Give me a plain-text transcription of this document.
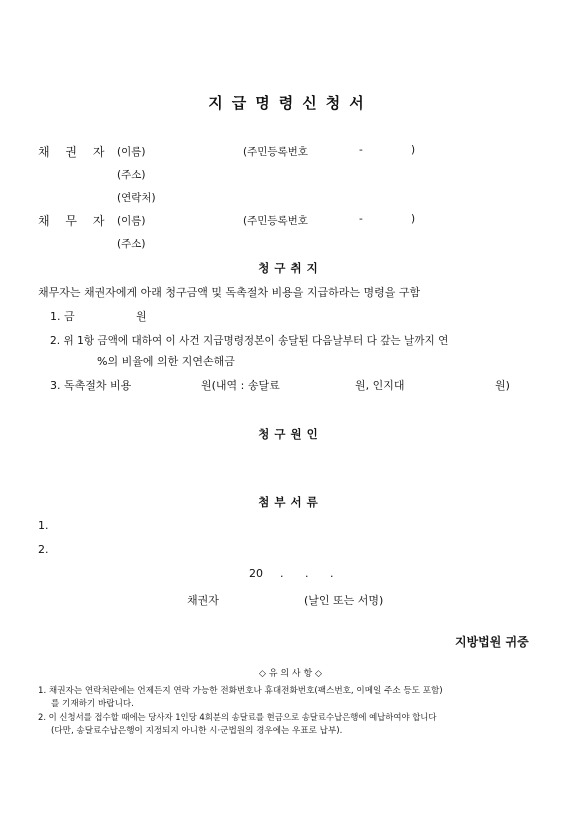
지급명령신청서
채 권 자 (이름)	(주민등록번호	-	)
(주소)
(연락처)
채 무 자 (이름)	(주민등록번호	-	)
(주소)
청구취지
채무자는 채권자에게 아래 청구금액 및 독촉절차 비용을 지급하라는 명령을 구함
1. 금	원
2. 위 1항 금액에 대하여 이 사건 지급명령정본이 송달된 다음날부터 다 갚는 날까지 연
%의 비율에 의한 지연손해금
3. 독촉절차 비용	원(내역 : 송달료	원, 인지대	원)
청구원인
첨부서류
1.
2.
20 . . .
채권자	(날인 또는 서명)
지방법원 귀중
◇ 유 의 사 항 ◇
1. 채권자는 연락처란에는 언제든지 연락 가능한 전화번호나 휴대전화번호(팩스번호, 이메일 주소 등도 포함)
를 기재하기 바랍니다.
2. 이 신청서를 접수할 때에는 당사자 1인당 4회분의 송달료를 현금으로 송달료수납은행에 예납하여야 합니다
(다만, 송달료수납은행이 지정되지 아니한 시·군법원의 경우에는 우표로 납부).
